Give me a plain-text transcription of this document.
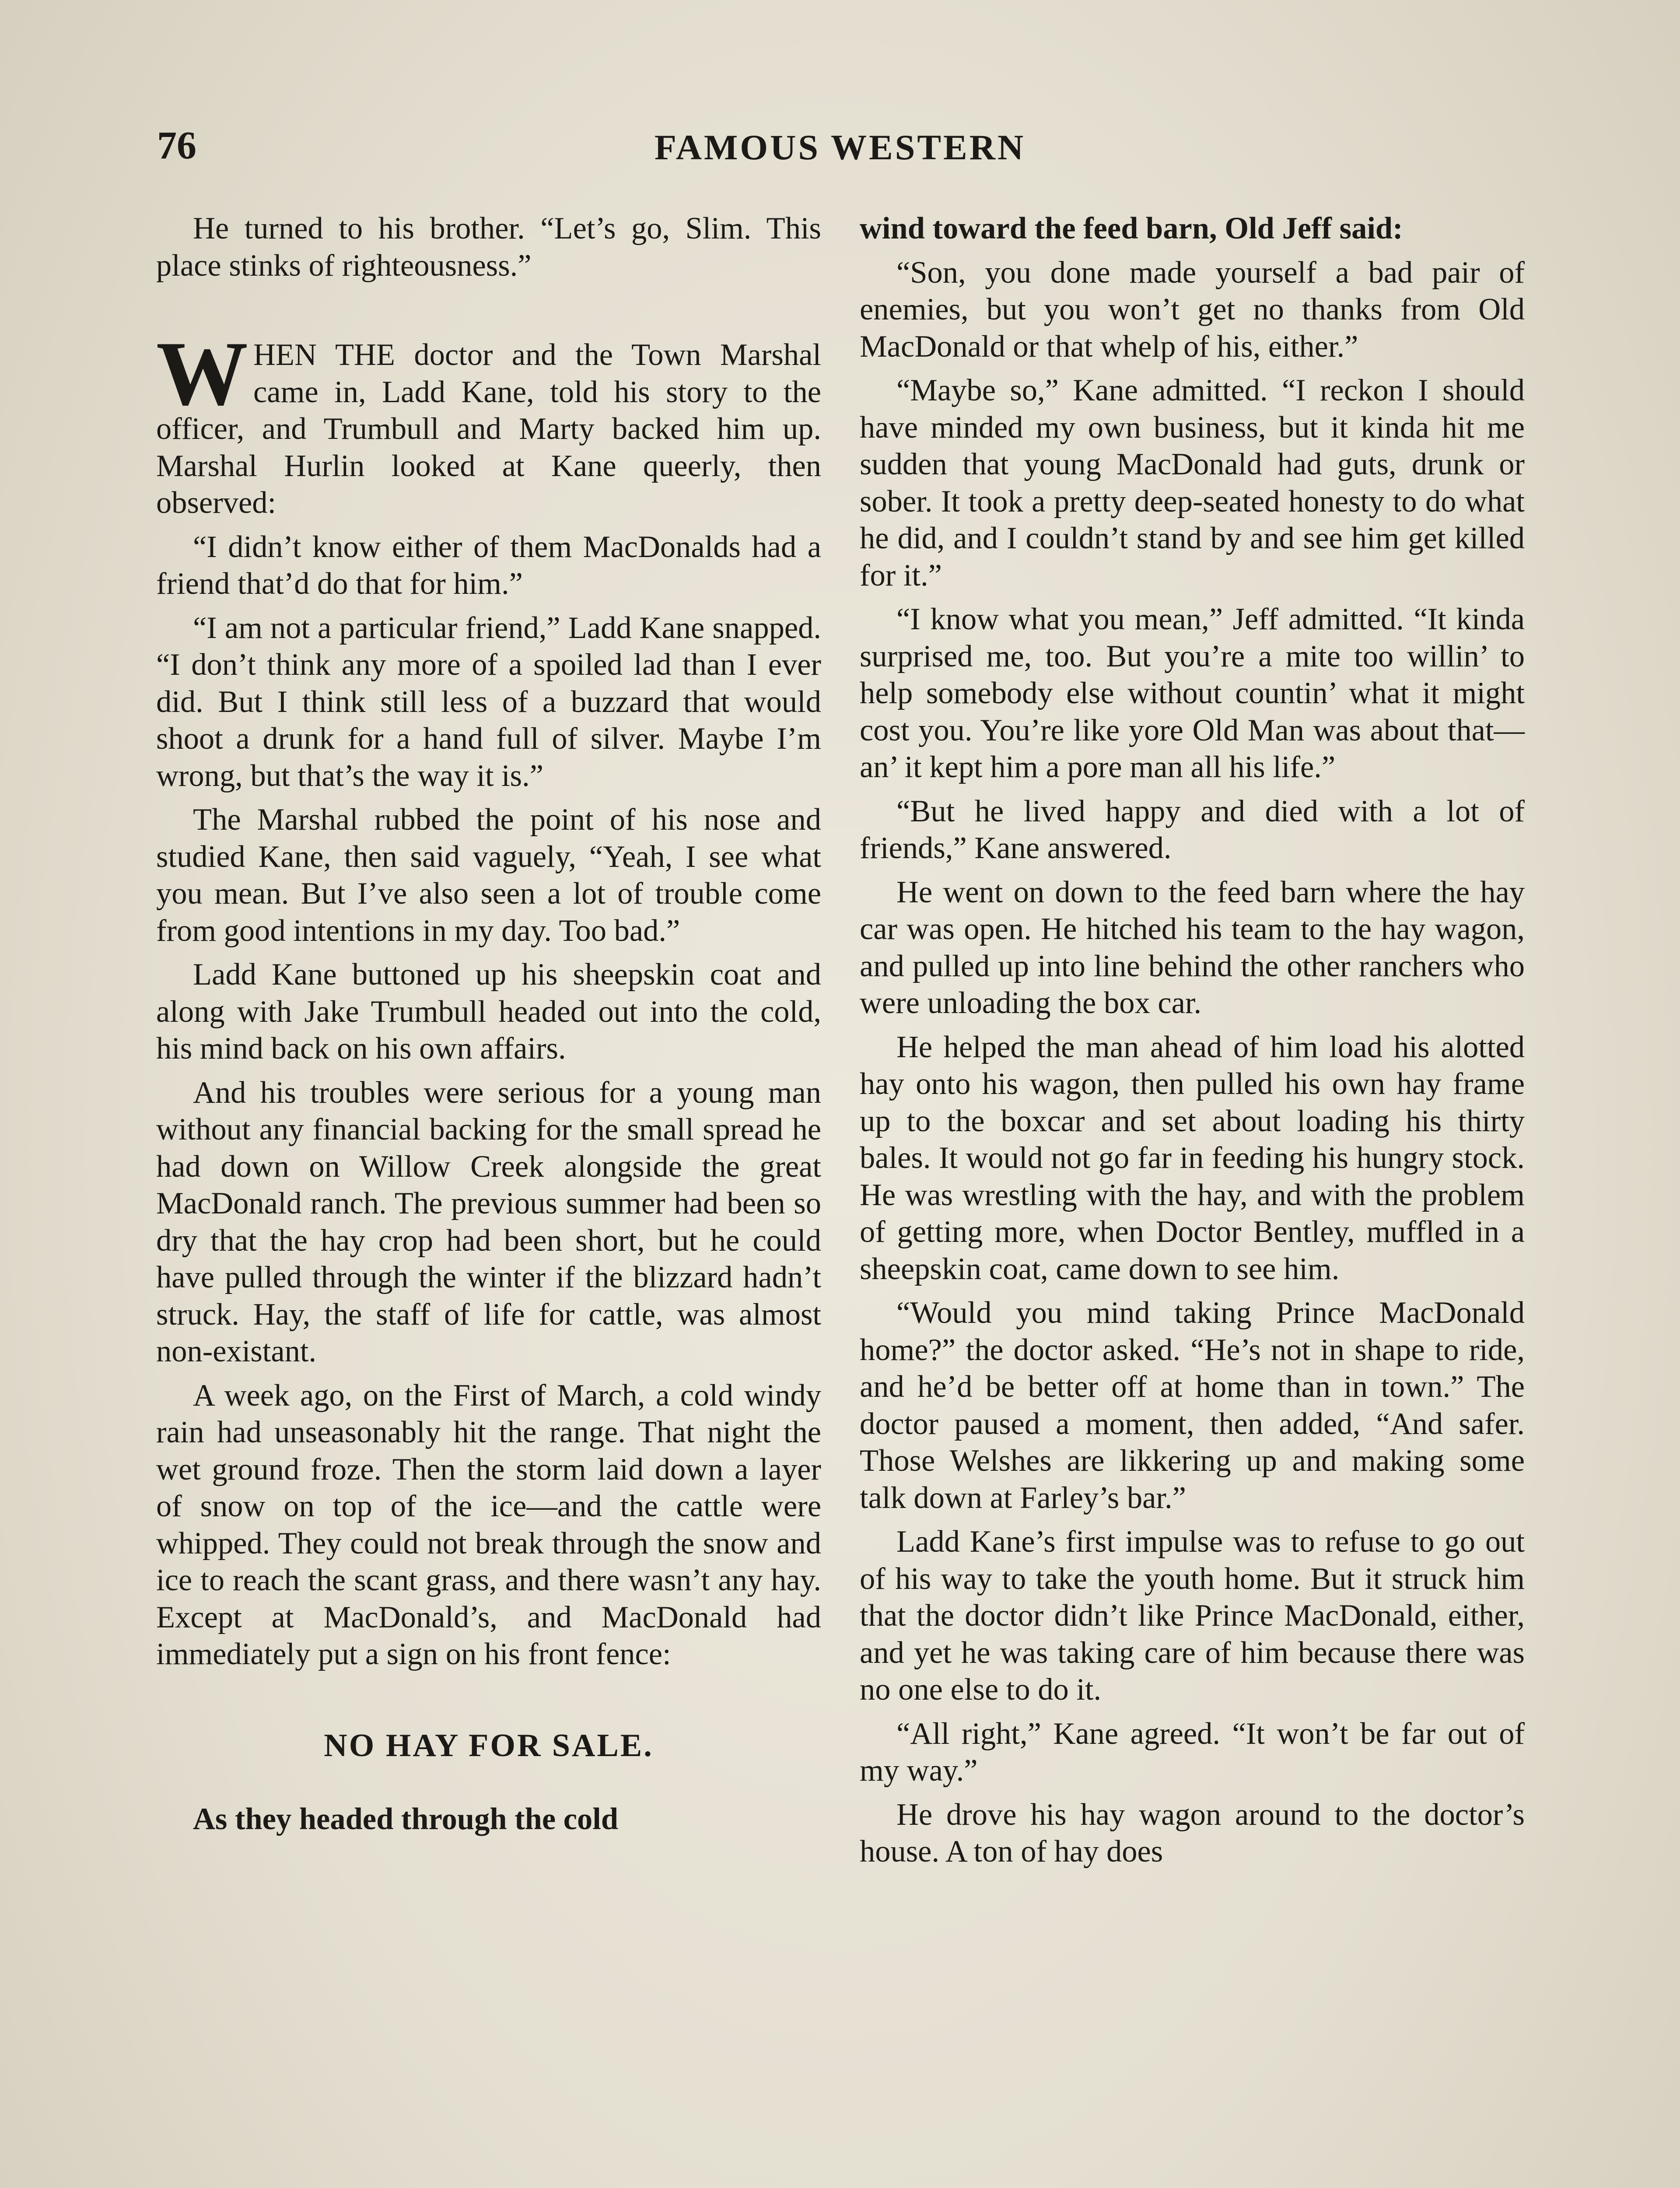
76	FAMOUS WESTERN

He turned to his brother. “Let’s go, Slim. This place stinks of righteousness.”

WHEN THE doctor and the Town Marshal came in, Ladd Kane, told his story to the officer, and Trumbull and Marty backed him up. Marshal Hurlin looked at Kane queerly, then observed:

“I didn’t know either of them MacDonalds had a friend that’d do that for him.”

“I am not a particular friend,” Ladd Kane snapped. “I don’t think any more of a spoiled lad than I ever did. But I think still less of a buzzard that would shoot a drunk for a hand full of silver. Maybe I’m wrong, but that’s the way it is.”

The Marshal rubbed the point of his nose and studied Kane, then said vaguely, “Yeah, I see what you mean. But I’ve also seen a lot of trouble come from good intentions in my day. Too bad.”

Ladd Kane buttoned up his sheepskin coat and along with Jake Trumbull headed out into the cold, his mind back on his own affairs.

And his troubles were serious for a young man without any financial backing for the small spread he had down on Willow Creek alongside the great MacDonald ranch. The previous summer had been so dry that the hay crop had been short, but he could have pulled through the winter if the blizzard hadn’t struck. Hay, the staff of life for cattle, was almost non-existant.

A week ago, on the First of March, a cold windy rain had unseasonably hit the range. That night the wet ground froze. Then the storm laid down a layer of snow on top of the ice—and the cattle were whipped. They could not break through the snow and ice to reach the scant grass, and there wasn’t any hay. Except at MacDonald’s, and MacDonald had immediately put a sign on his front fence:

NO HAY FOR SALE.

As they headed through the cold

wind toward the feed barn, Old Jeff said:

“Son, you done made yourself a bad pair of enemies, but you won’t get no thanks from Old MacDonald or that whelp of his, either.”

“Maybe so,” Kane admitted. “I reckon I should have minded my own business, but it kinda hit me sudden that young MacDonald had guts, drunk or sober. It took a pretty deep-seated honesty to do what he did, and I couldn’t stand by and see him get killed for it.”

“I know what you mean,” Jeff admitted. “It kinda surprised me, too. But you’re a mite too willin’ to help somebody else without countin’ what it might cost you. You’re like yore Old Man was about that—an’ it kept him a pore man all his life.”

“But he lived happy and died with a lot of friends,” Kane answered.

He went on down to the feed barn where the hay car was open. He hitched his team to the hay wagon, and pulled up into line behind the other ranchers who were unloading the box car.

He helped the man ahead of him load his alotted hay onto his wagon, then pulled his own hay frame up to the boxcar and set about loading his thirty bales. It would not go far in feeding his hungry stock. He was wrestling with the hay, and with the problem of getting more, when Doctor Bentley, muffled in a sheepskin coat, came down to see him.

“Would you mind taking Prince MacDonald home?” the doctor asked. “He’s not in shape to ride, and he’d be better off at home than in town.” The doctor paused a moment, then added, “And safer. Those Welshes are likkering up and making some talk down at Farley’s bar.”

Ladd Kane’s first impulse was to refuse to go out of his way to take the youth home. But it struck him that the doctor didn’t like Prince MacDonald, either, and yet he was taking care of him because there was no one else to do it.

“All right,” Kane agreed. “It won’t be far out of my way.”

He drove his hay wagon around to the doctor’s house. A ton of hay does
